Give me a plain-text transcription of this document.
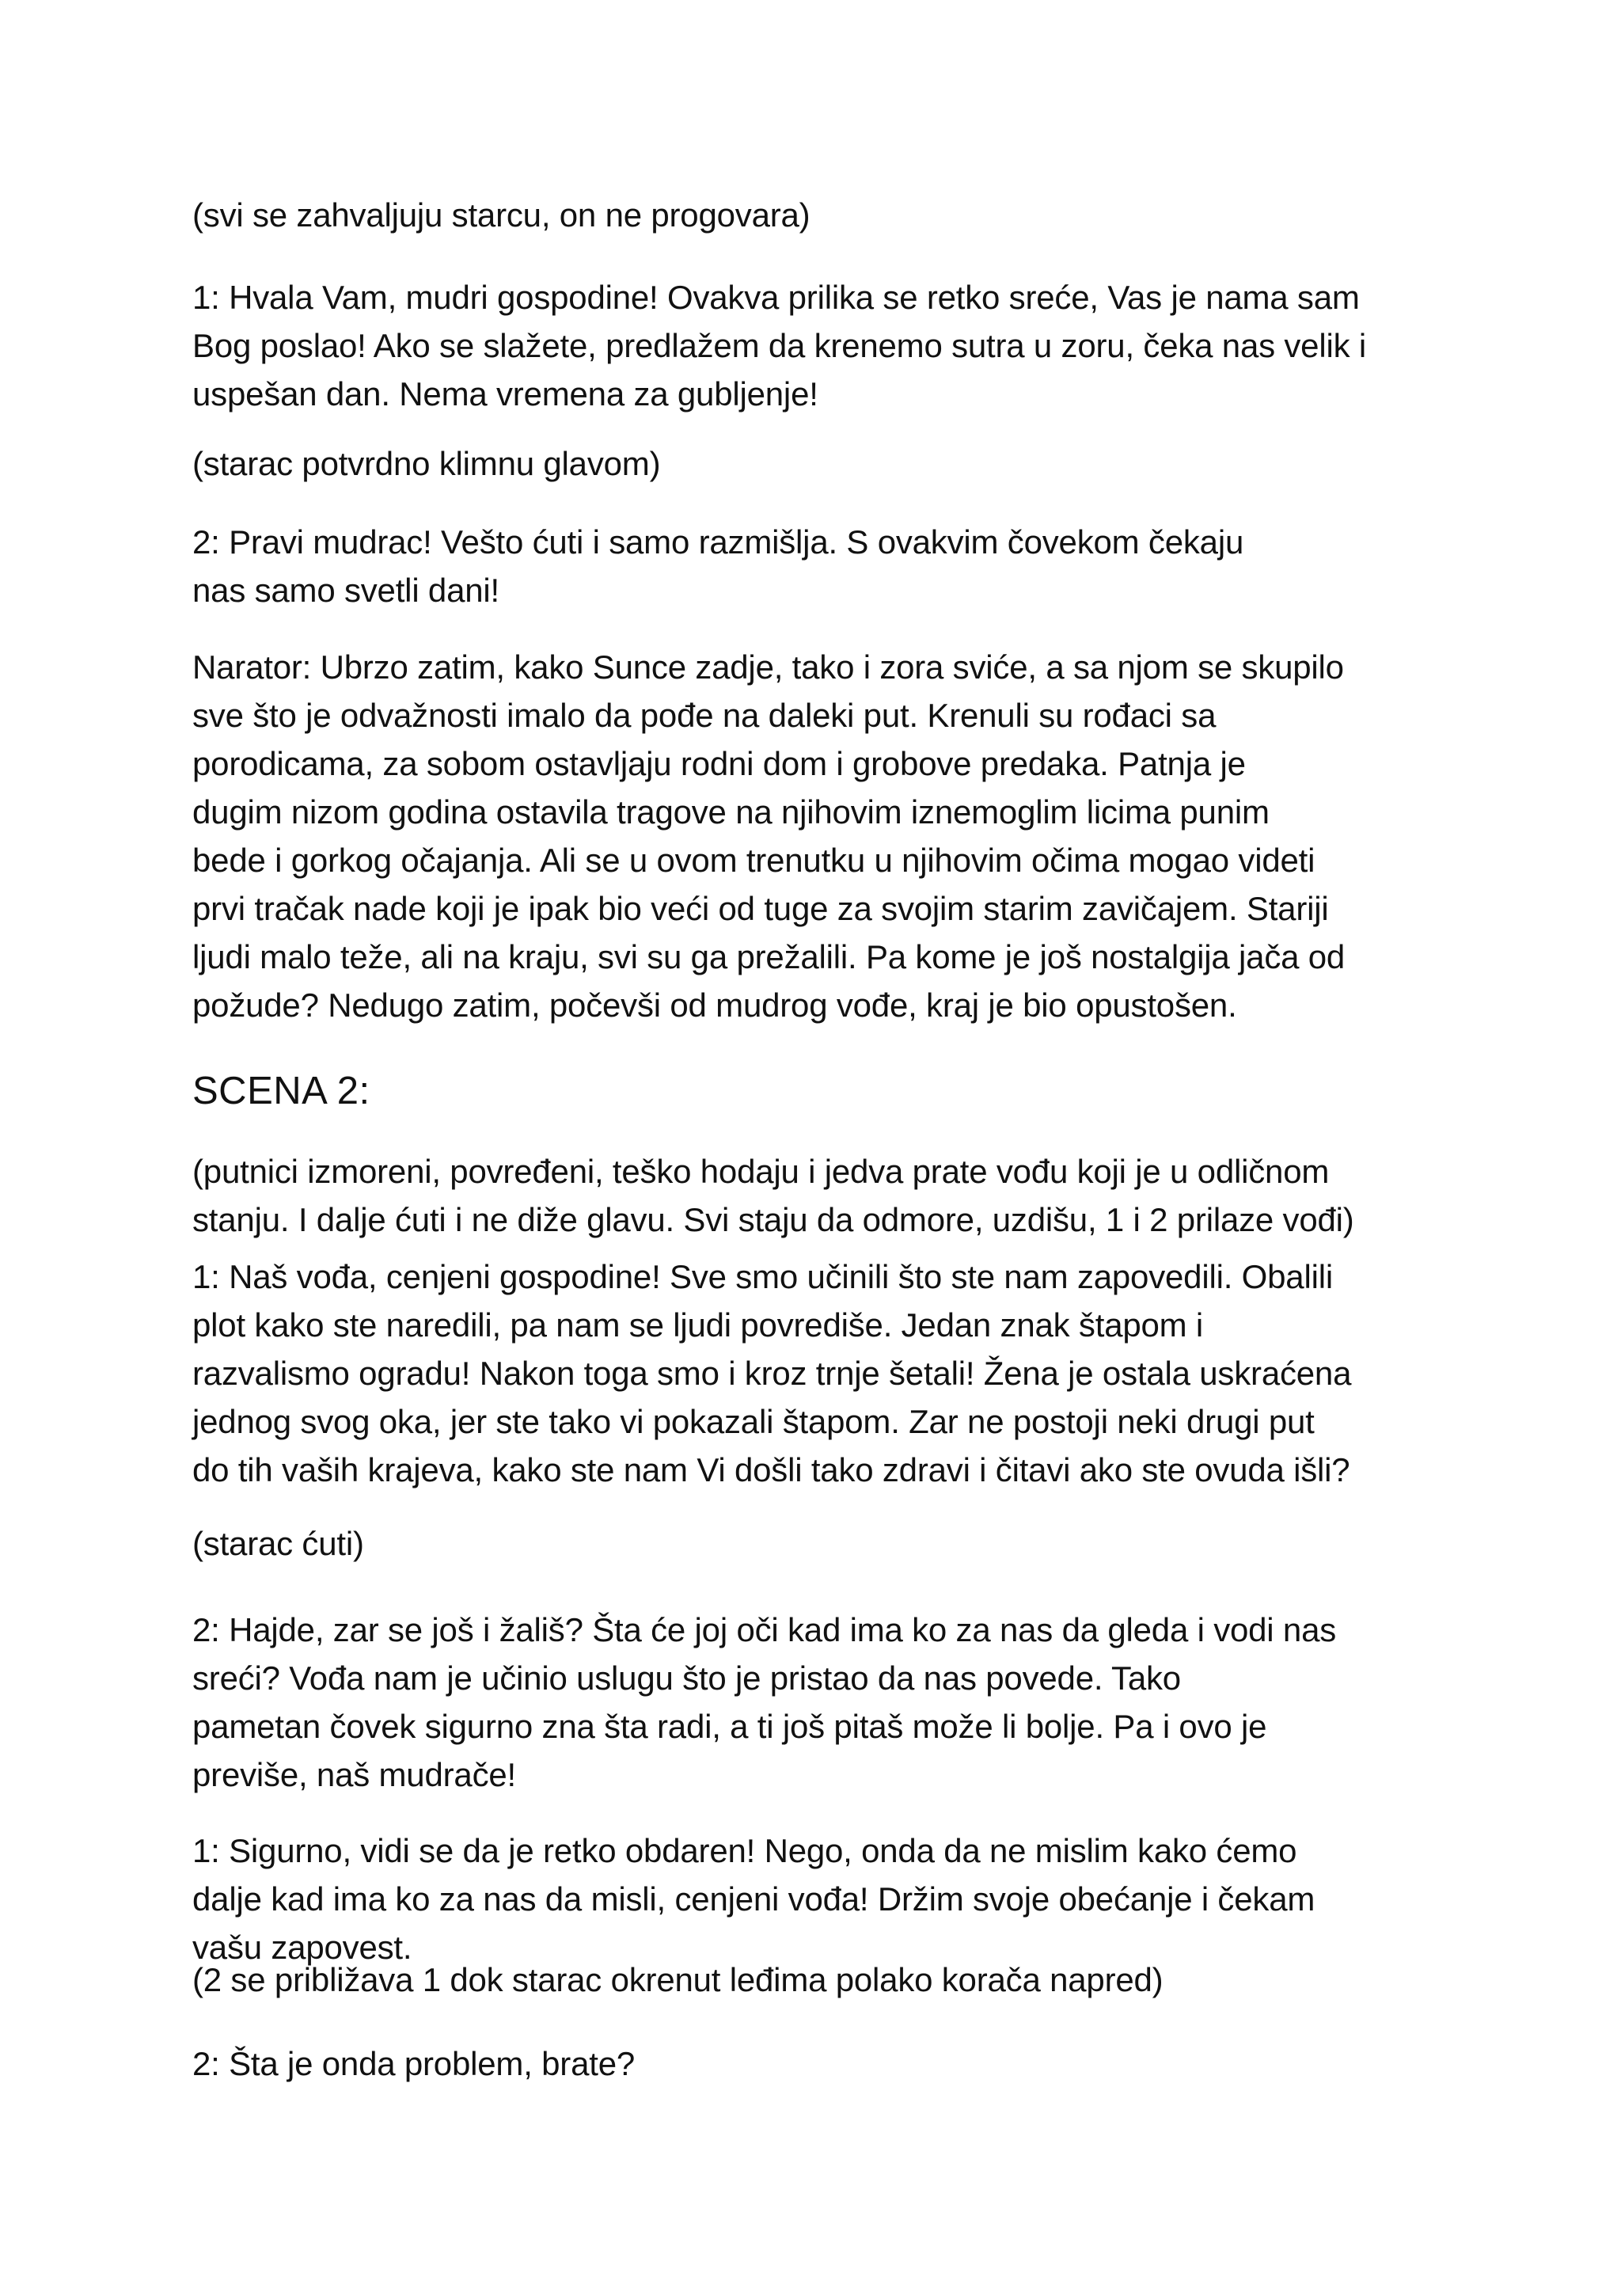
(svi se zahvaljuju starcu, on ne progovara)

1: Hvala Vam, mudri gospodine! Ovakva prilika se retko sreće, Vas je nama sam
Bog poslao! Ako se slažete, predlažem da krenemo sutra u zoru, čeka nas velik i
uspešan dan. Nema vremena za gubljenje!

(starac potvrdno klimnu glavom)

2: Pravi mudrac! Vešto ćuti i samo razmišlja. S ovakvim čovekom čekaju
nas samo svetli dani!

Narator: Ubrzo zatim, kako Sunce zadje, tako i zora sviće, a sa njom se skupilo
sve što je odvažnosti imalo da pođe na daleki put. Krenuli su rođaci sa
porodicama, za sobom ostavljaju rodni dom i grobove predaka. Patnja je
dugim nizom godina ostavila tragove na njihovim iznemoglim licima punim
bede i gorkog očajanja. Ali se u ovom trenutku u njihovim očima mogao videti
prvi tračak nade koji je ipak bio veći od tuge za svojim starim zavičajem. Stariji
ljudi malo teže, ali na kraju, svi su ga prežalili. Pa kome je još nostalgija jača od
požude? Nedugo zatim, počevši od mudrog vođe, kraj je bio opustošen.

SCENA 2:

(putnici izmoreni, povređeni, teško hodaju i jedva prate vođu koji je u odličnom
stanju. I dalje ćuti i ne diže glavu. Svi staju da odmore, uzdišu, 1 i 2 prilaze vođi)

1: Naš vođa, cenjeni gospodine! Sve smo učinili što ste nam zapovedili. Obalili
plot kako ste naredili, pa nam se ljudi povrediše. Jedan znak štapom i
razvalismo ogradu! Nakon toga smo i kroz trnje šetali! Žena je ostala uskraćena
jednog svog oka, jer ste tako vi pokazali štapom. Zar ne postoji neki drugi put
do tih vaših krajeva, kako ste nam Vi došli tako zdravi i čitavi ako ste ovuda išli?

(starac ćuti)

2: Hajde, zar se još i žališ? Šta će joj oči kad ima ko za nas da gleda i vodi nas
sreći? Vođa nam je učinio uslugu što je pristao da nas povede. Tako
pametan čovek sigurno zna šta radi, a ti još pitaš može li bolje. Pa i ovo je
previše, naš mudrače!

1: Sigurno, vidi se da je retko obdaren! Nego, onda da ne mislim kako ćemo
dalje kad ima ko za nas da misli, cenjeni vođa! Držim svoje obećanje i čekam
vašu zapovest.

(2 se približava 1 dok starac okrenut leđima polako korača napred)

2: Šta je onda problem, brate?
